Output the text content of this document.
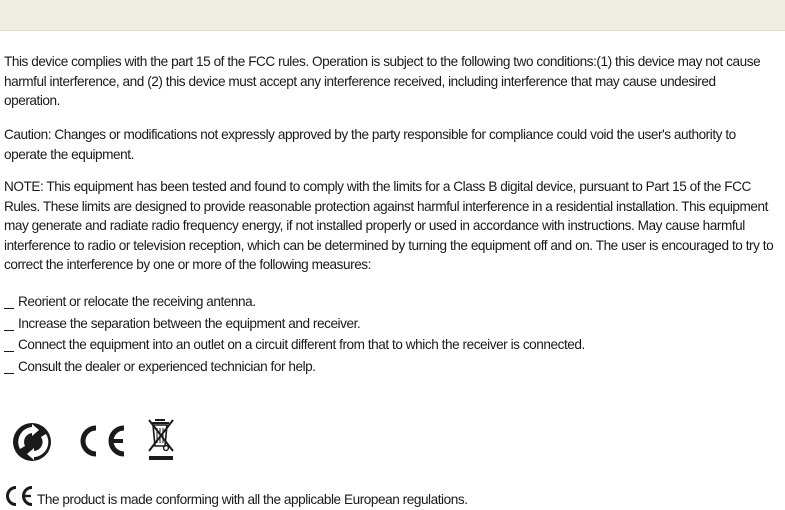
This device complies with the part 15 of the FCC rules. Operation is subject to the following two conditions:(1) this device may not cause harmful interference, and (2) this device must accept any interference received, including interference that may cause undesired operation.

Caution: Changes or modifications not expressly approved by the party responsible for compliance could void the user's authority to operate the equipment.

NOTE: This equipment has been tested and found to comply with the limits for a Class B digital device, pursuant to Part 15 of the FCC Rules. These limits are designed to provide reasonable protection against harmful interference in a residential installation. This equipment may generate and radiate radio frequency energy, if not installed properly or used in accordance with instructions. May cause harmful interference to radio or television reception, which can be determined by turning the equipment off and on. The user is encouraged to try to correct the interference by one or more of the following measures:

Reorient or relocate the receiving antenna.
Increase the separation between the equipment and receiver.
Connect the equipment into an outlet on a circuit different from that to which the receiver is connected.
Consult the dealer or experienced technician for help.
The product is made conforming with all the applicable European regulations.
